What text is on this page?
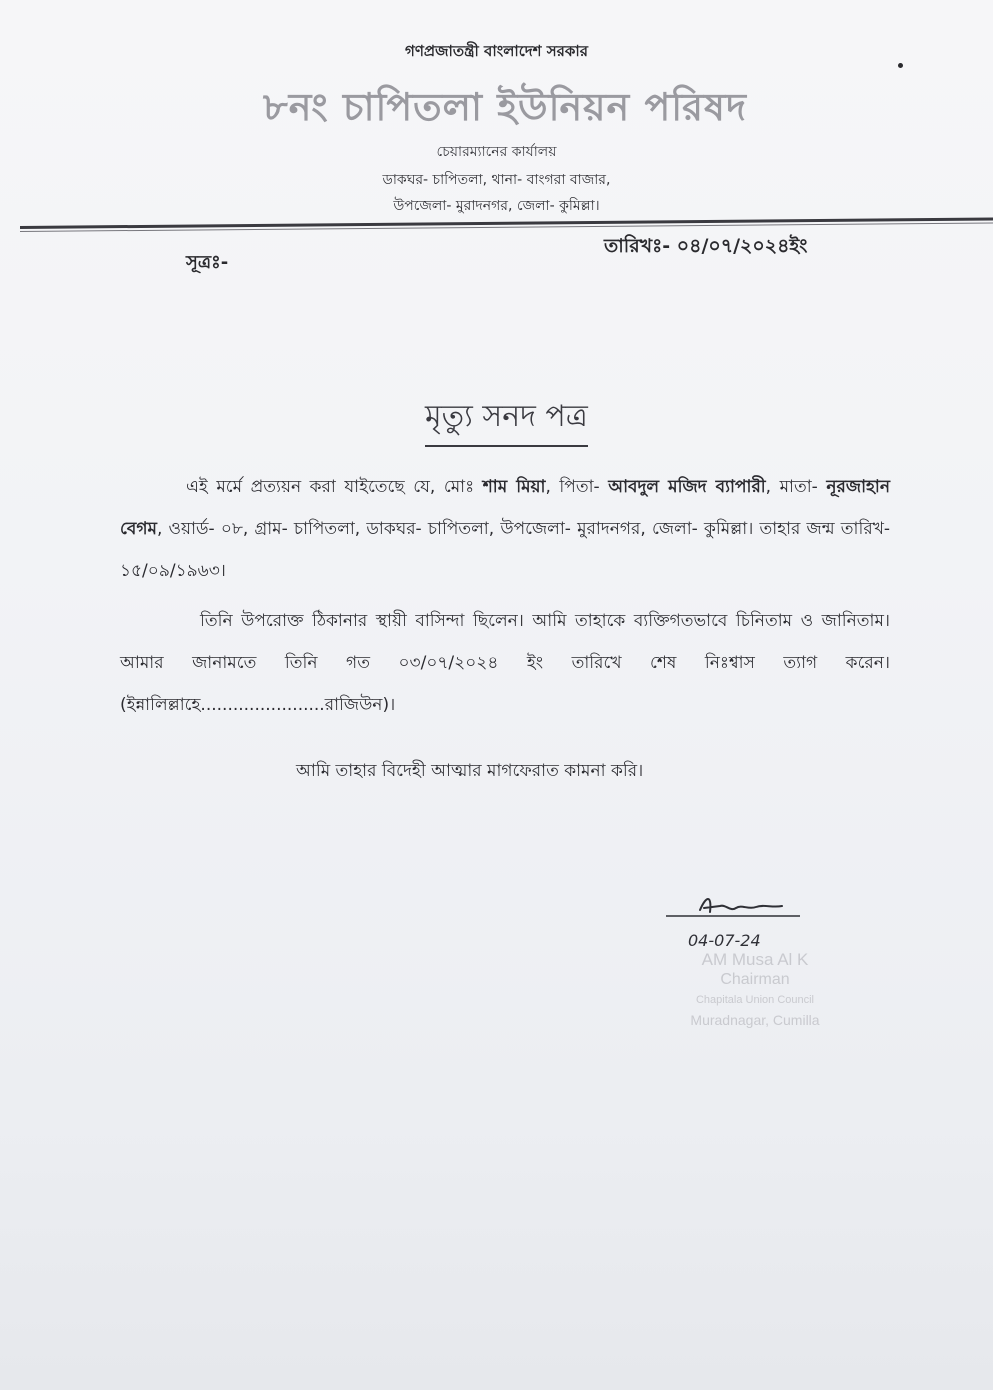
গণপ্রজাতন্ত্রী বাংলাদেশ সরকার
৮নং চাপিতলা ইউনিয়ন পরিষদ
চেয়ারম্যানের কার্যালয়
ডাকঘর- চাপিতলা, থানা- বাংগরা বাজার,
উপজেলা- মুরাদনগর, জেলা- কুমিল্লা।
সূত্রঃ-
তারিখঃ- ০৪/০৭/২০২৪ইং
মৃত্যু সনদ পত্র
এই মর্মে প্রত্যয়ন করা যাইতেছে যে, মোঃ শাম মিয়া, পিতা- আবদুল মজিদ ব্যাপারী, মাতা- নূরজাহান বেগম, ওয়ার্ড- ০৮, গ্রাম- চাপিতলা, ডাকঘর- চাপিতলা, উপজেলা- মুরাদনগর, জেলা- কুমিল্লা। তাহার জন্ম তারিখ- ১৫/০৯/১৯৬৩।
তিনি উপরোক্ত ঠিকানার স্থায়ী বাসিন্দা ছিলেন। আমি তাহাকে ব্যক্তিগতভাবে চিনিতাম ও জানিতাম। আমার জানামতে তিনি গত ০৩/০৭/২০২৪ ইং তারিখে শেষ নিঃশ্বাস ত্যাগ করেন। (ইন্নালিল্লাহে.......................রাজিউন)।
আমি তাহার বিদেহী আত্মার মাগফেরাত কামনা করি।
04-07-24
AM Musa Al K
Chairman
Chapitala Union Council
Muradnagar, Cumilla
